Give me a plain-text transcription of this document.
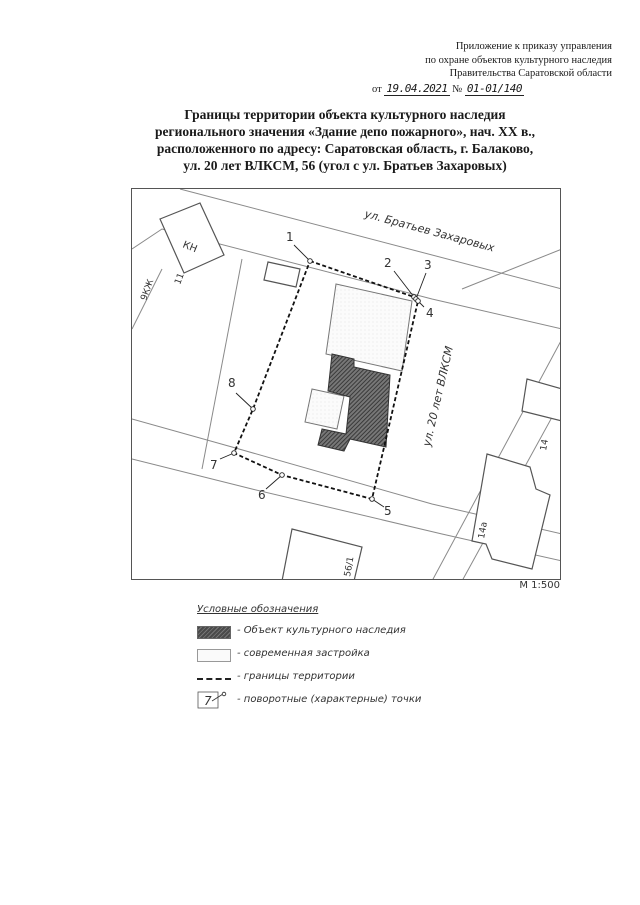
Приложение к приказу управления
по охране объектов культурного наследия
Правительства Саратовской области
от 19.04.2021 № 01-01/140
Границы территории объекта культурного наследия
регионального значения «Здание депо пожарного», нач. XX в.,
расположенного по адресу: Саратовская область, г. Балаково,
ул. 20 лет ВЛКСМ, 56 (угол с ул. Братьев Захаровых)
1
2	3
4
5
6
7
8
ул. Братьев Захаровых
ул. 20 лет ВЛКСМ
КН
9КЖ 11
14
14а
56/1
М 1:500
Условные обозначения
- Объект культурного наследия
- современная застройка
- границы территории
7	- поворотные (характерные) точки
